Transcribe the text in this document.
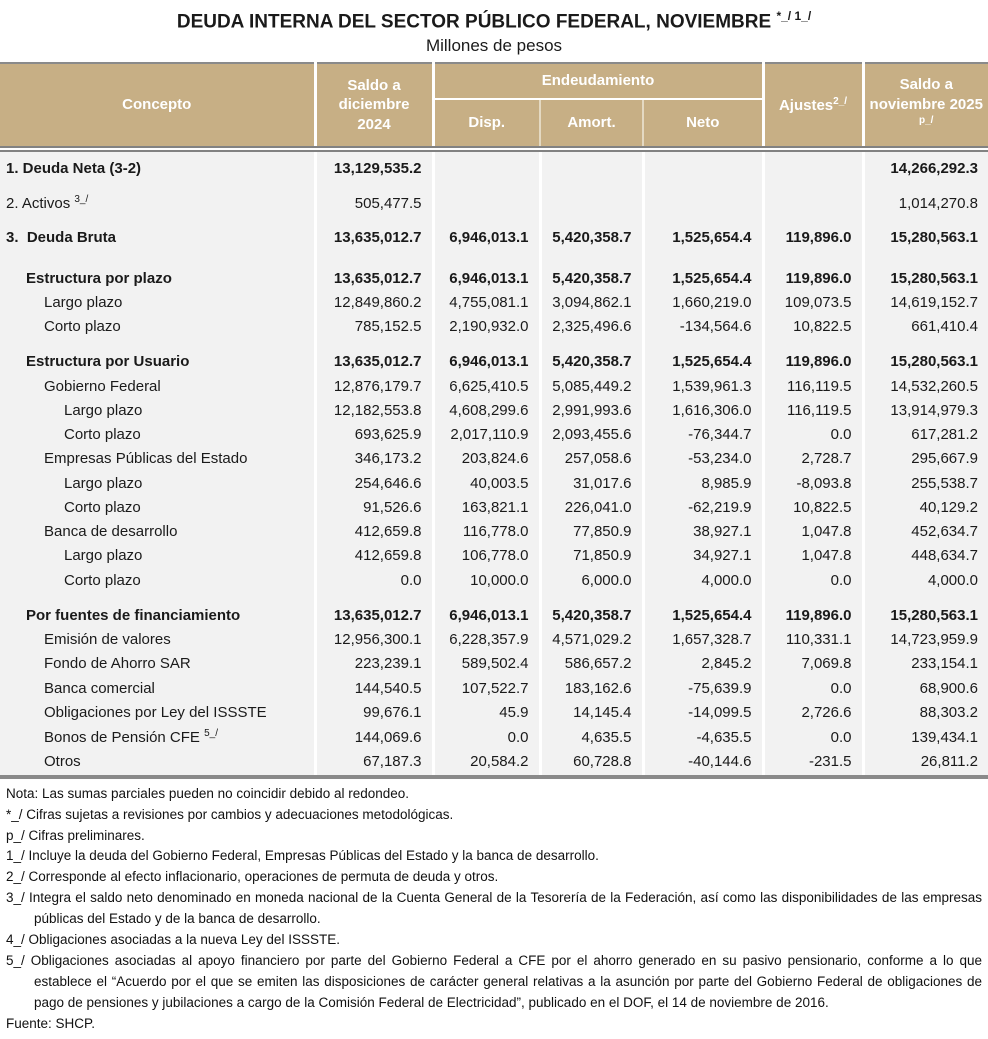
DEUDA INTERNA DEL SECTOR PÚBLICO FEDERAL, NOVIEMBRE $^{*\_/ 1\_/}$
Millones de pesos
Concepto	Saldo a diciembre 2024	Endeudamiento			Ajustes$^{2\_/}$	Saldo a noviembre 2025 $^{p\_/}$
		Disp.	Amort.	Neto		

1. Deuda Neta (3-2)	13,129,535.2					14,266,292.3
2. Activos $^{3\_/}$	505,477.5					1,014,270.8
3.  Deuda Bruta	13,635,012.7	6,946,013.1	5,420,358.7	1,525,654.4	119,896.0	15,280,563.1
Estructura por plazo	13,635,012.7	6,946,013.1	5,420,358.7	1,525,654.4	119,896.0	15,280,563.1
Largo plazo	12,849,860.2	4,755,081.1	3,094,862.1	1,660,219.0	109,073.5	14,619,152.7
Corto plazo	785,152.5	2,190,932.0	2,325,496.6	-134,564.6	10,822.5	661,410.4
Estructura por Usuario	13,635,012.7	6,946,013.1	5,420,358.7	1,525,654.4	119,896.0	15,280,563.1
Gobierno Federal	12,876,179.7	6,625,410.5	5,085,449.2	1,539,961.3	116,119.5	14,532,260.5
Largo plazo	12,182,553.8	4,608,299.6	2,991,993.6	1,616,306.0	116,119.5	13,914,979.3
Corto plazo	693,625.9	2,017,110.9	2,093,455.6	-76,344.7	0.0	617,281.2
Empresas Públicas del Estado	346,173.2	203,824.6	257,058.6	-53,234.0	2,728.7	295,667.9
Largo plazo	254,646.6	40,003.5	31,017.6	8,985.9	-8,093.8	255,538.7
Corto plazo	91,526.6	163,821.1	226,041.0	-62,219.9	10,822.5	40,129.2
Banca de desarrollo	412,659.8	116,778.0	77,850.9	38,927.1	1,047.8	452,634.7
Largo plazo	412,659.8	106,778.0	71,850.9	34,927.1	1,047.8	448,634.7
Corto plazo	0.0	10,000.0	6,000.0	4,000.0	0.0	4,000.0
Por fuentes de financiamiento	13,635,012.7	6,946,013.1	5,420,358.7	1,525,654.4	119,896.0	15,280,563.1
Emisión de valores	12,956,300.1	6,228,357.9	4,571,029.2	1,657,328.7	110,331.1	14,723,959.9
Fondo de Ahorro SAR	223,239.1	589,502.4	586,657.2	2,845.2	7,069.8	233,154.1
Banca comercial	144,540.5	107,522.7	183,162.6	-75,639.9	0.0	68,900.6
Obligaciones por Ley del ISSSTE	99,676.1	45.9	14,145.4	-14,099.5	2,726.6	88,303.2
Bonos de Pensión CFE $^{5\_/}$	144,069.6	0.0	4,635.5	-4,635.5	0.0	139,434.1
Otros	67,187.3	20,584.2	60,728.8	-40,144.6	-231.5	26,811.2

Nota: Las sumas parciales pueden no coincidir debido al redondeo.

*_/ Cifras sujetas a revisiones por cambios y adecuaciones metodológicas.

p_/ Cifras preliminares.

1_/ Incluye la deuda del Gobierno Federal, Empresas Públicas del Estado y la banca de desarrollo.

2_/ Corresponde al efecto inflacionario, operaciones de permuta de deuda y otros.

3_/ Integra el saldo neto denominado en moneda nacional de la Cuenta General de la Tesorería de la Federación, así como las disponibilidades de las empresas públicas del Estado y de la banca de desarrollo.

4_/ Obligaciones asociadas a la nueva Ley del ISSSTE.

5_/ Obligaciones asociadas al apoyo financiero por parte del Gobierno Federal a CFE por el ahorro generado en su pasivo pensionario, conforme a lo que establece el “Acuerdo por el que se emiten las disposiciones de carácter general relativas a la asunción por parte del Gobierno Federal de obligaciones de pago de pensiones y jubilaciones a cargo de la Comisión Federal de Electricidad”, publicado en el DOF, el 14 de noviembre de 2016.

Fuente: SHCP.
